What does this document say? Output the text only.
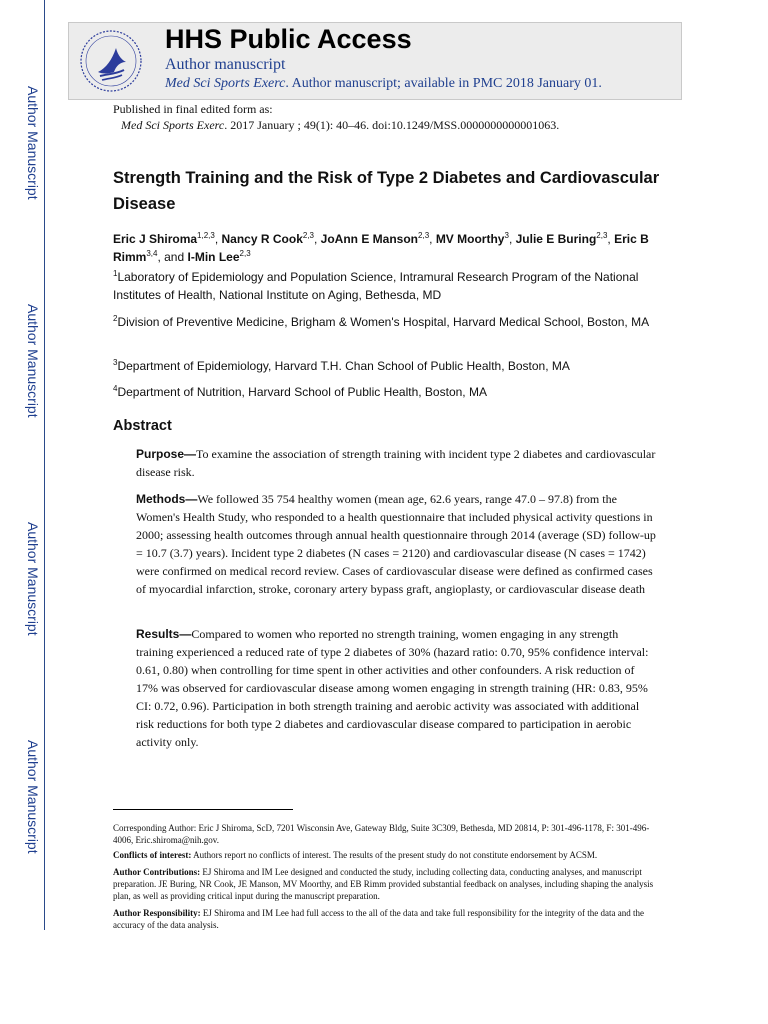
Author Manuscript
Author Manuscript
Author Manuscript
Author Manuscript
HHS Public Access
Author manuscript
Med Sci Sports Exerc. Author manuscript; available in PMC 2018 January 01.
Published in final edited form as:
Med Sci Sports Exerc. 2017 January ; 49(1): 40–46. doi:10.1249/MSS.0000000000001063.
Strength Training and the Risk of Type 2 Diabetes and Cardiovascular Disease
Eric J Shiroma$^{1,2,3}$, Nancy R Cook$^{2,3}$, JoAnn E Manson$^{2,3}$, MV Moorthy$^3$, Julie E Buring$^{2,3}$, Eric B Rimm$^{3,4}$, and I-Min Lee$^{2,3}$
$^1$Laboratory of Epidemiology and Population Science, Intramural Research Program of the National Institutes of Health, National Institute on Aging, Bethesda, MD
$^2$Division of Preventive Medicine, Brigham & Women's Hospital, Harvard Medical School, Boston, MA
$^3$Department of Epidemiology, Harvard T.H. Chan School of Public Health, Boston, MA
$^4$Department of Nutrition, Harvard School of Public Health, Boston, MA
Abstract
Purpose—To examine the association of strength training with incident type 2 diabetes and cardiovascular disease risk.
Methods—We followed 35 754 healthy women (mean age, 62.6 years, range 47.0 – 97.8) from the Women's Health Study, who responded to a health questionnaire that included physical activity questions in 2000; assessing health outcomes through annual health questionnaire through 2014 (average (SD) follow-up = 10.7 (3.7) years). Incident type 2 diabetes (N cases = 2120) and cardiovascular disease (N cases = 1742) were confirmed on medical record review. Cases of cardiovascular disease were defined as confirmed cases of myocardial infarction, stroke, coronary artery bypass graft, angioplasty, or cardiovascular disease death
Results—Compared to women who reported no strength training, women engaging in any strength training experienced a reduced rate of type 2 diabetes of 30% (hazard ratio: 0.70, 95% confidence interval: 0.61, 0.80) when controlling for time spent in other activities and other confounders. A risk reduction of 17% was observed for cardiovascular disease among women engaging in strength training (HR: 0.83, 95% CI: 0.72, 0.96). Participation in both strength training and aerobic activity was associated with additional risk reductions for both type 2 diabetes and cardiovascular disease compared to participation in aerobic activity only.
Corresponding Author: Eric J Shiroma, ScD, 7201 Wisconsin Ave, Gateway Bldg, Suite 3C309, Bethesda, MD 20814, P: 301-496-1178, F: 301-496-4006, Eric.shiroma@nih.gov.
Conflicts of interest: Authors report no conflicts of interest. The results of the present study do not constitute endorsement by ACSM.
Author Contributions: EJ Shiroma and IM Lee designed and conducted the study, including collecting data, conducting analyses, and manuscript preparation. JE Buring, NR Cook, JE Manson, MV Moorthy, and EB Rimm provided substantial feedback on analyses, including shaping the analysis plan, as well as providing critical input during the manuscript preparation.
Author Responsibility: EJ Shiroma and IM Lee had full access to the all of the data and take full responsibility for the integrity of the data and the accuracy of the data analysis.
